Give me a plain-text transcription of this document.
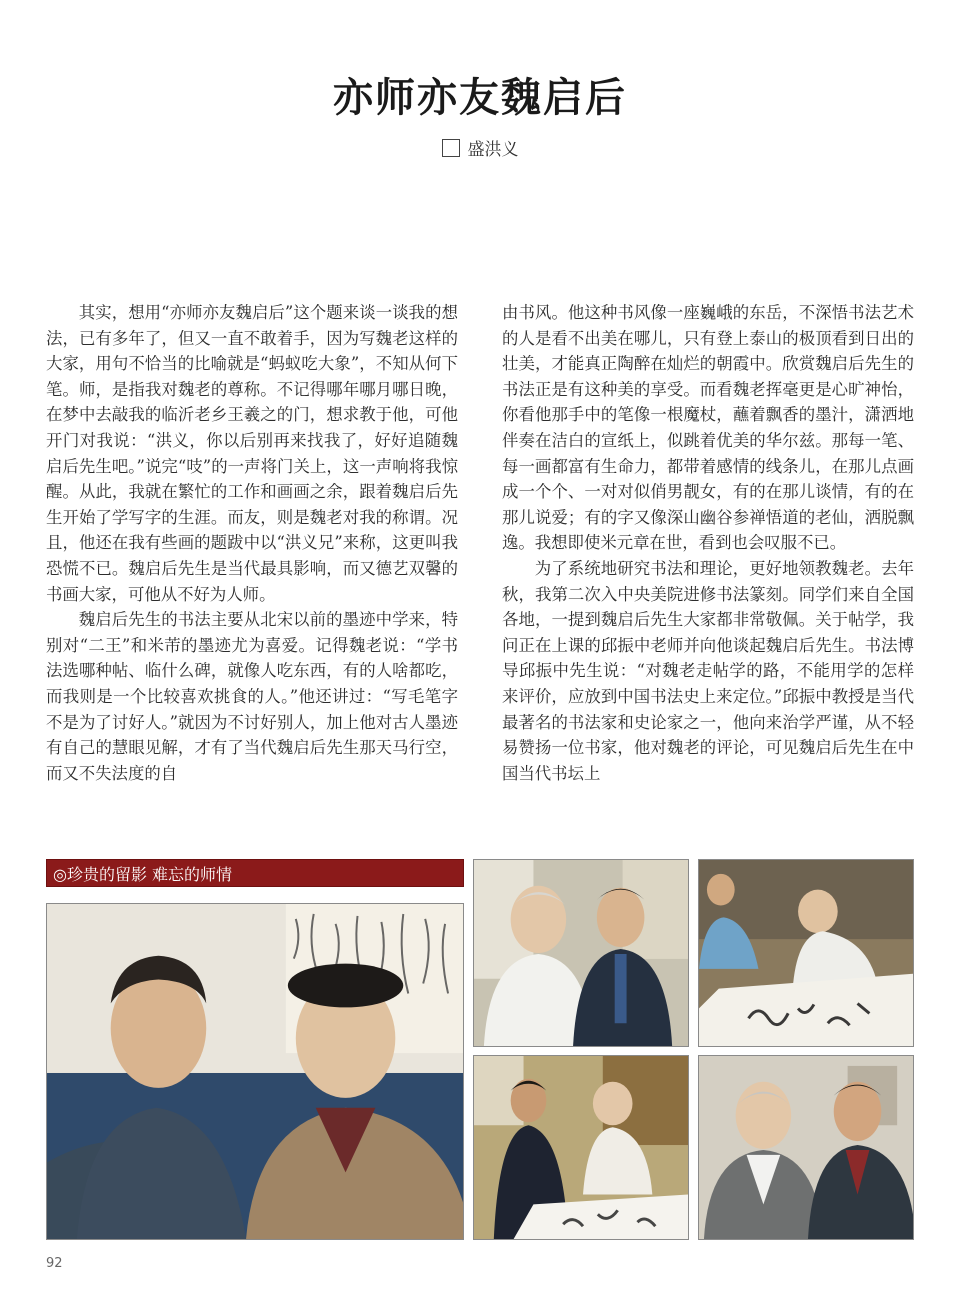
亦师亦友魏启后
盛洪义

其实，想用“亦师亦友魏启后”这个题来谈一谈我的想法，已有多年了，但又一直不敢着手，因为写魏老这样的大家，用句不恰当的比喻就是“蚂蚁吃大象”，不知从何下笔。师，是指我对魏老的尊称。不记得哪年哪月哪日晚，在梦中去敲我的临沂老乡王羲之的门，想求教于他，可他开门对我说：“洪义，你以后别再来找我了，好好追随魏启后先生吧。”说完“吱”的一声将门关上，这一声响将我惊醒。从此，我就在繁忙的工作和画画之余，跟着魏启后先生开始了学写字的生涯。而友，则是魏老对我的称谓。况且，他还在我有些画的题跋中以“洪义兄”来称，这更叫我恐慌不已。魏启后先生是当代最具影响，而又德艺双馨的书画大家，可他从不好为人师。

魏启后先生的书法主要从北宋以前的墨迹中学来，特别对“二王”和米芾的墨迹尤为喜爱。记得魏老说：“学书法选哪种帖、临什么碑，就像人吃东西，有的人啥都吃，而我则是一个比较喜欢挑食的人。”他还讲过：“写毛笔字不是为了讨好人。”就因为不讨好别人，加上他对古人墨迹有自己的慧眼见解，才有了当代魏启后先生那天马行空，而又不失法度的自

由书风。他这种书风像一座巍峨的东岳，不深悟书法艺术的人是看不出美在哪儿，只有登上泰山的极顶看到日出的壮美，才能真正陶醉在灿烂的朝霞中。欣赏魏启后先生的书法正是有这种美的享受。而看魏老挥毫更是心旷神怡，你看他那手中的笔像一根魔杖，蘸着飘香的墨汁，潇洒地伴奏在洁白的宣纸上，似跳着优美的华尔兹。那每一笔、每一画都富有生命力，都带着感情的线条儿，在那儿点画成一个个、一对对似俏男靓女，有的在那儿谈情，有的在那儿说爱；有的字又像深山幽谷参禅悟道的老仙，洒脱飘逸。我想即使米元章在世，看到也会叹服不已。

为了系统地研究书法和理论，更好地领教魏老。去年秋，我第二次入中央美院进修书法篆刻。同学们来自全国各地，一提到魏启后先生大家都非常敬佩。关于帖学，我问正在上课的邱振中老师并向他谈起魏启后先生。书法博导邱振中先生说：“对魏老走帖学的路，不能用学的怎样来评价，应放到中国书法史上来定位。”邱振中教授是当代最著名的书法家和史论家之一，他向来治学严谨，从不轻易赞扬一位书家，他对魏老的评论，可见魏启后先生在中国当代书坛上

◎珍贵的留影 难忘的师情
92
